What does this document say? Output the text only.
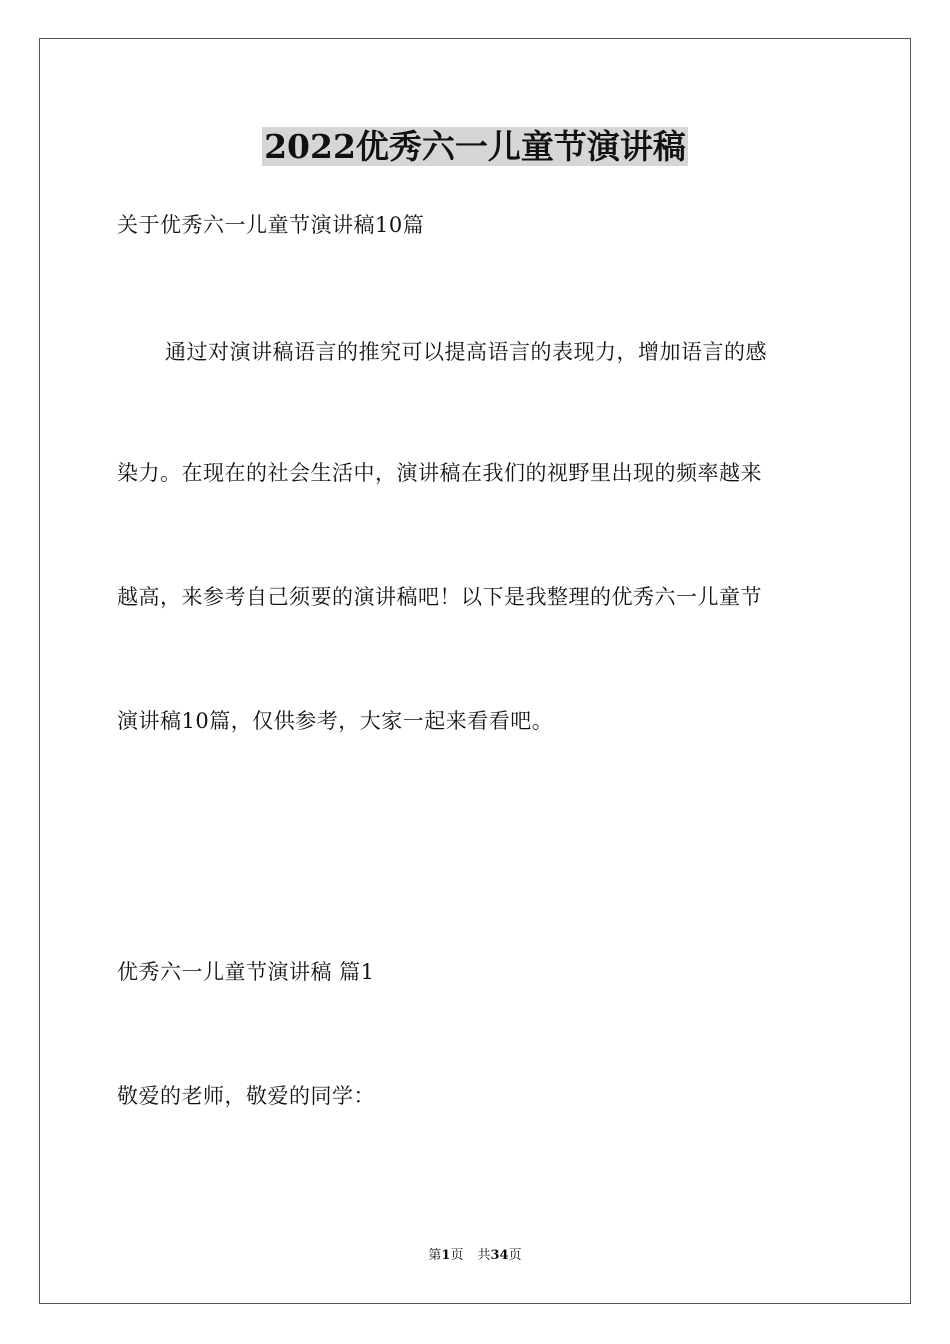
2022优秀六一儿童节演讲稿
关于优秀六一儿童节演讲稿10篇
通过对演讲稿语言的推究可以提高语言的表现力，增加语言的感
染力。在现在的社会生活中，演讲稿在我们的视野里出现的频率越来
越高，来参考自己须要的演讲稿吧！以下是我整理的优秀六一儿童节
演讲稿10篇，仅供参考，大家一起来看看吧。
优秀六一儿童节演讲稿 篇1
敬爱的老师，敬爱的同学：
第1页 共34页
